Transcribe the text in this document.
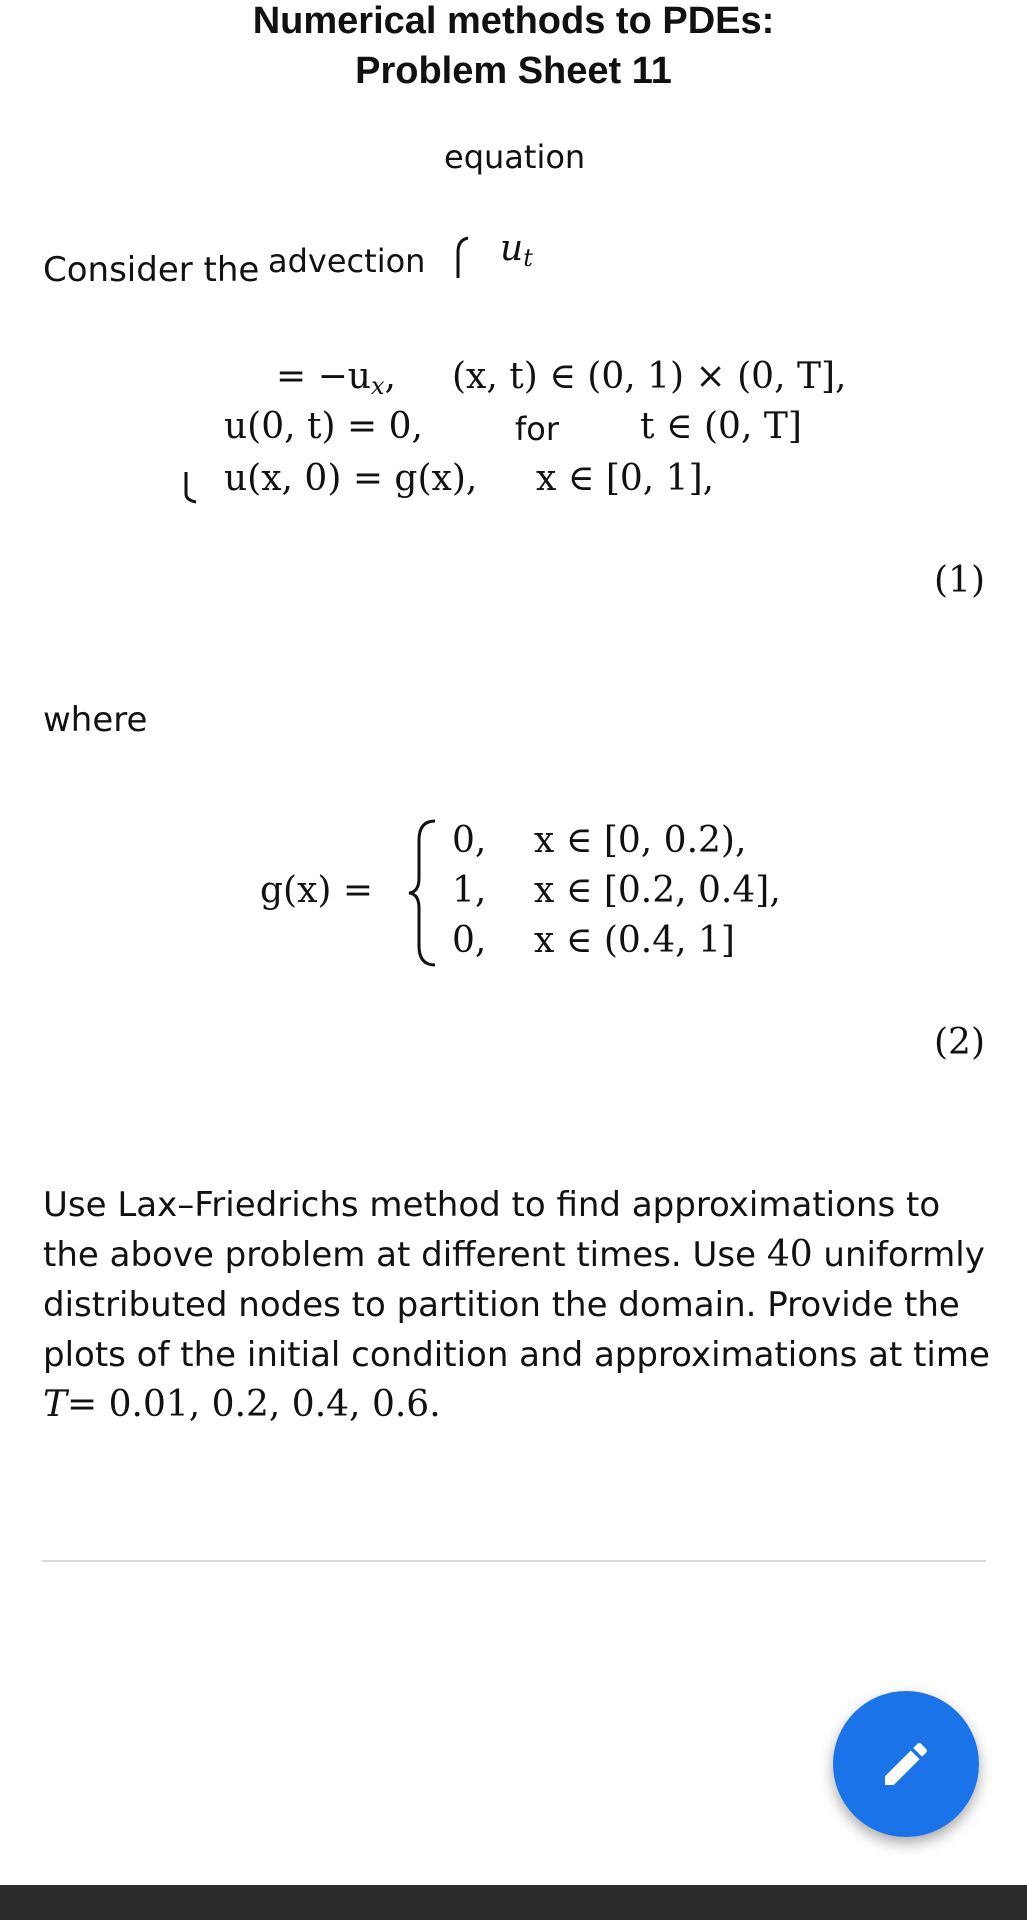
Numerical methods to PDEs:
Problem Sheet 11
equation
Consider the advection $u_t$
= $-u_x$, (x, t) ∈ (0, 1) × (0, T],
u(0, t) = 0,	for t ∈ (0, T]
u(x, 0) = g(x), x ∈ [0, 1],
(1)
where
g(x) =
0, x ∈ [0, 0.2),
1, x ∈ [0.2, 0.4],
0, x ∈ (0.4, 1]
(2)
Use Lax–Friedrichs method to find approximations to the above problem at different times. Use 40 uniformly distributed nodes to partition the domain. Provide the plots of the initial condition and approximations at time T= 0.01, 0.2, 0.4, 0.6.
